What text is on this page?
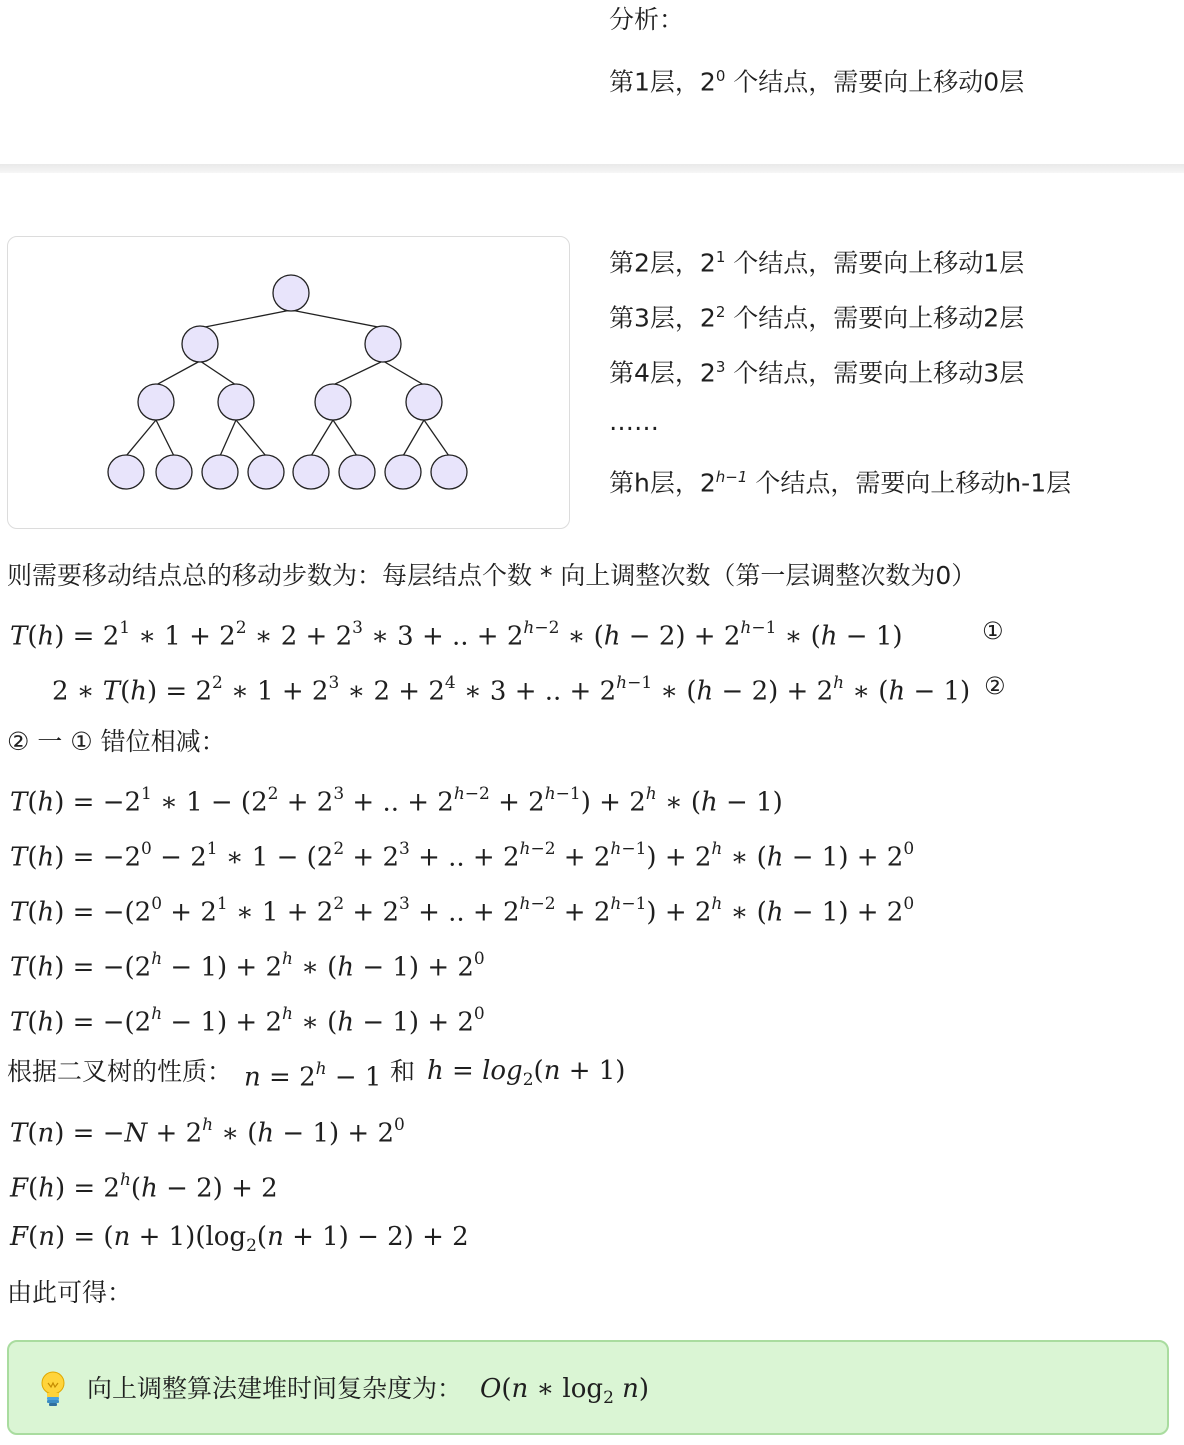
分析：
第1层，$2^0$ 个结点，需要向上移动0层
第2层，$2^1$ 个结点，需要向上移动1层
第3层，$2^2$ 个结点，需要向上移动2层
第4层，$2^3$ 个结点，需要向上移动3层
……
第h层，$2^{h-1}$ 个结点，需要向上移动h-1层
则需要移动结点总的移动步数为：每层结点个数 * 向上调整次数（第一层调整次数为0）
$T(h) = 2^1$ ∗ $1 + 2^2$ ∗ $2 + 2^3$ ∗ 3 + .. + $2^{h-2}$ ∗ $(h - 2) + 2^{h-1}$ ∗ (h − 1)	①
2 ∗ $T(h) = 2^2$ ∗ $1 + 2^3$ ∗ $2 + 2^4$ ∗ 3 + .. + $2^{h-1}$ ∗ $(h - 2) + 2^h$ ∗ (h − 1) ②
② 一 ① 错位相减：
$T(h) = -2^1$ ∗ $1 - (2^2 + 2^3$ + .. + $2^{h-2} + 2^{h-1}) + 2^h$ ∗ (h − 1)
$T(h) = -2^0 - 2^1$ ∗ $1 - (2^2 + 2^3$ + .. + $2^{h-2} + 2^{h-1}) + 2^h$ ∗ $(h - 1) + 2^0$
$T(h) = -(2^0 + 2^1$ ∗ $1 + 2^2 + 2^3$ + .. + $2^{h-2} + 2^{h-1}) + 2^h$ ∗ $(h - 1) + 2^0$
$T(h) = -(2^h - 1) + 2^h$ ∗ $(h - 1) + 2^0$
$T(h) = -(2^h - 1) + 2^h$ ∗ $(h - 1) + 2^0$
根据二叉树的性质： $n = 2^h - 1$ 和 $h = \log_2(n + 1)$
$T(n) = -N + 2^h$ ∗ $(h - 1) + 2^0$
$F(h) = 2^h(h - 2) + 2$
$F(n) = (n + 1)(\log_2(n + 1) - 2) + 2$
由此可得：
向上调整算法建堆时间复杂度为： O(n ∗ $\log_2 n$)
